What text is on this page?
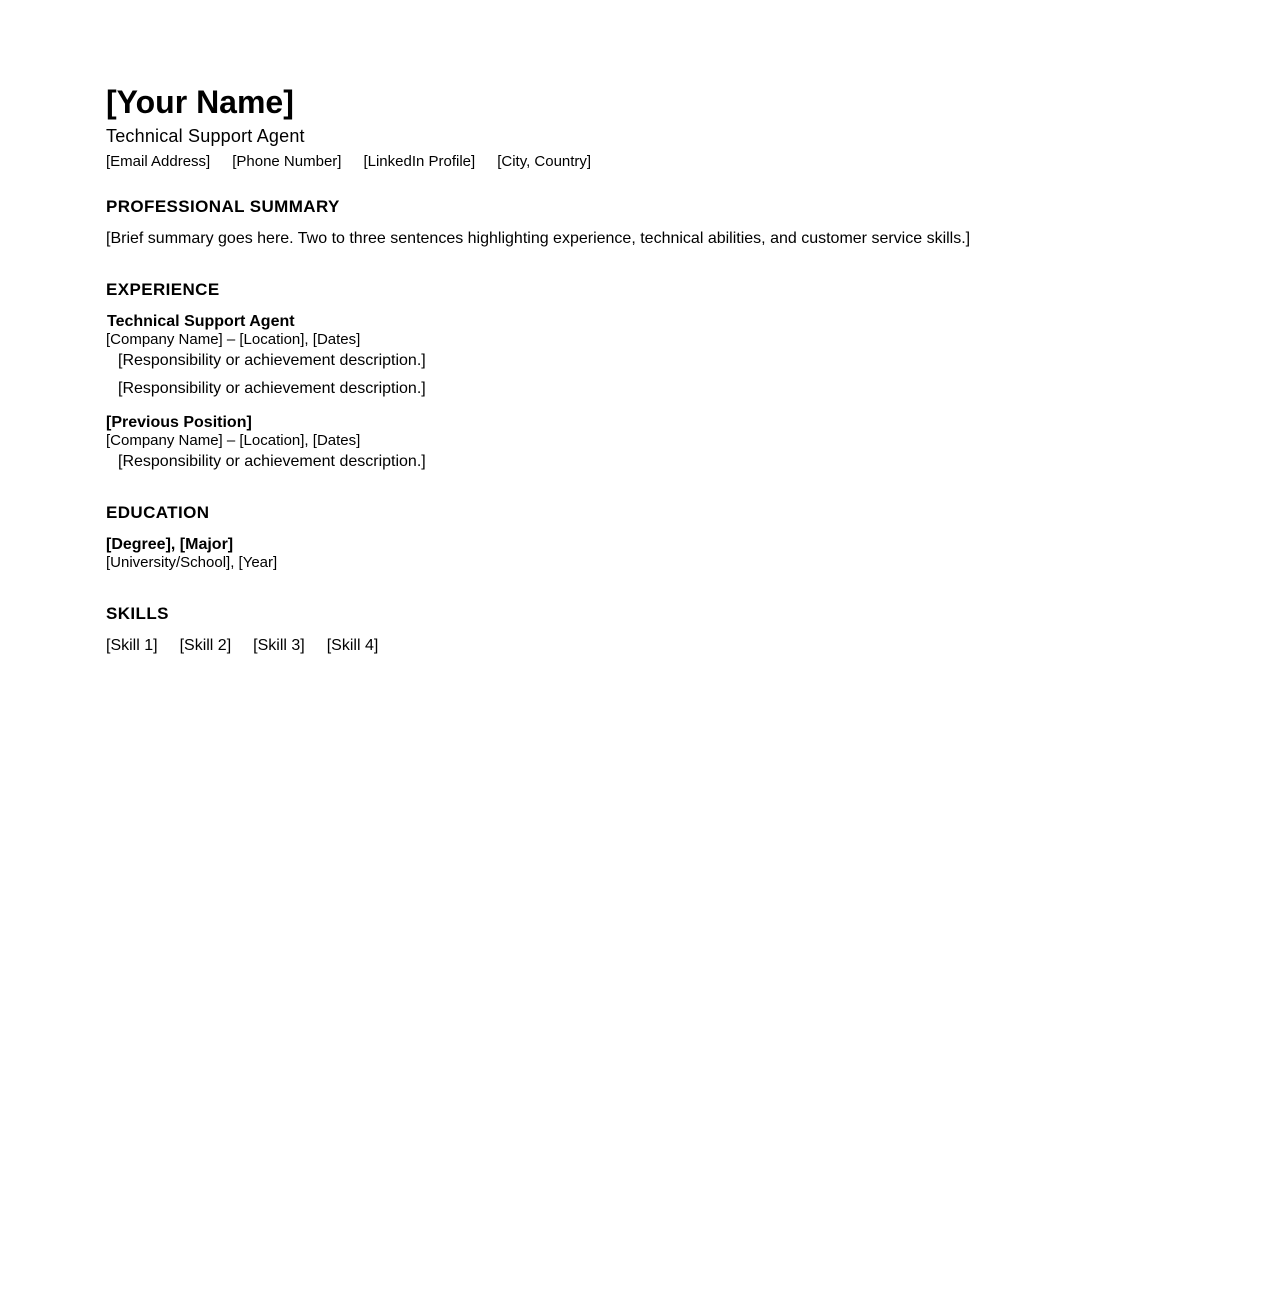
[Your Name]
Technical Support Agent
[Email Address] [Phone Number] [LinkedIn Profile] [City, Country]
PROFESSIONAL SUMMARY
[Brief summary goes here. Two to three sentences highlighting experience, technical abilities, and customer service skills.]
EXPERIENCE
Technical Support Agent
[Company Name] – [Location], [Dates]
[Responsibility or achievement description.]
[Responsibility or achievement description.]
[Previous Position]
[Company Name] – [Location], [Dates]
[Responsibility or achievement description.]
EDUCATION
[Degree], [Major]
[University/School], [Year]
SKILLS
[Skill 1] [Skill 2] [Skill 3] [Skill 4]
